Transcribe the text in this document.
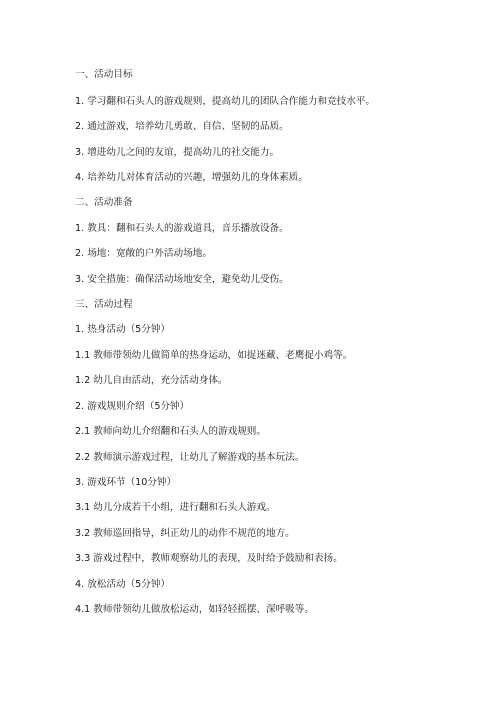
一、活动目标
1. 学习翻和石头人的游戏规则，提高幼儿的团队合作能力和竞技水平。
2. 通过游戏，培养幼儿勇敢、自信、坚韧的品质。
3. 增进幼儿之间的友谊，提高幼儿的社交能力。
4. 培养幼儿对体育活动的兴趣，增强幼儿的身体素质。
二、活动准备
1. 教具：翻和石头人的游戏道具，音乐播放设备。
2. 场地：宽敞的户外活动场地。
3. 安全措施：确保活动场地安全，避免幼儿受伤。
三、活动过程
1. 热身活动（5分钟）
1.1 教师带领幼儿做简单的热身运动，如捉迷藏、老鹰捉小鸡等。
1.2 幼儿自由活动，充分活动身体。
2. 游戏规则介绍（5分钟）
2.1 教师向幼儿介绍翻和石头人的游戏规则。
2.2 教师演示游戏过程，让幼儿了解游戏的基本玩法。
3. 游戏环节（10分钟）
3.1 幼儿分成若干小组，进行翻和石头人游戏。
3.2 教师巡回指导，纠正幼儿的动作不规范的地方。
3.3 游戏过程中，教师观察幼儿的表现，及时给予鼓励和表扬。
4. 放松活动（5分钟）
4.1 教师带领幼儿做放松运动，如轻轻摇摆、深呼吸等。
